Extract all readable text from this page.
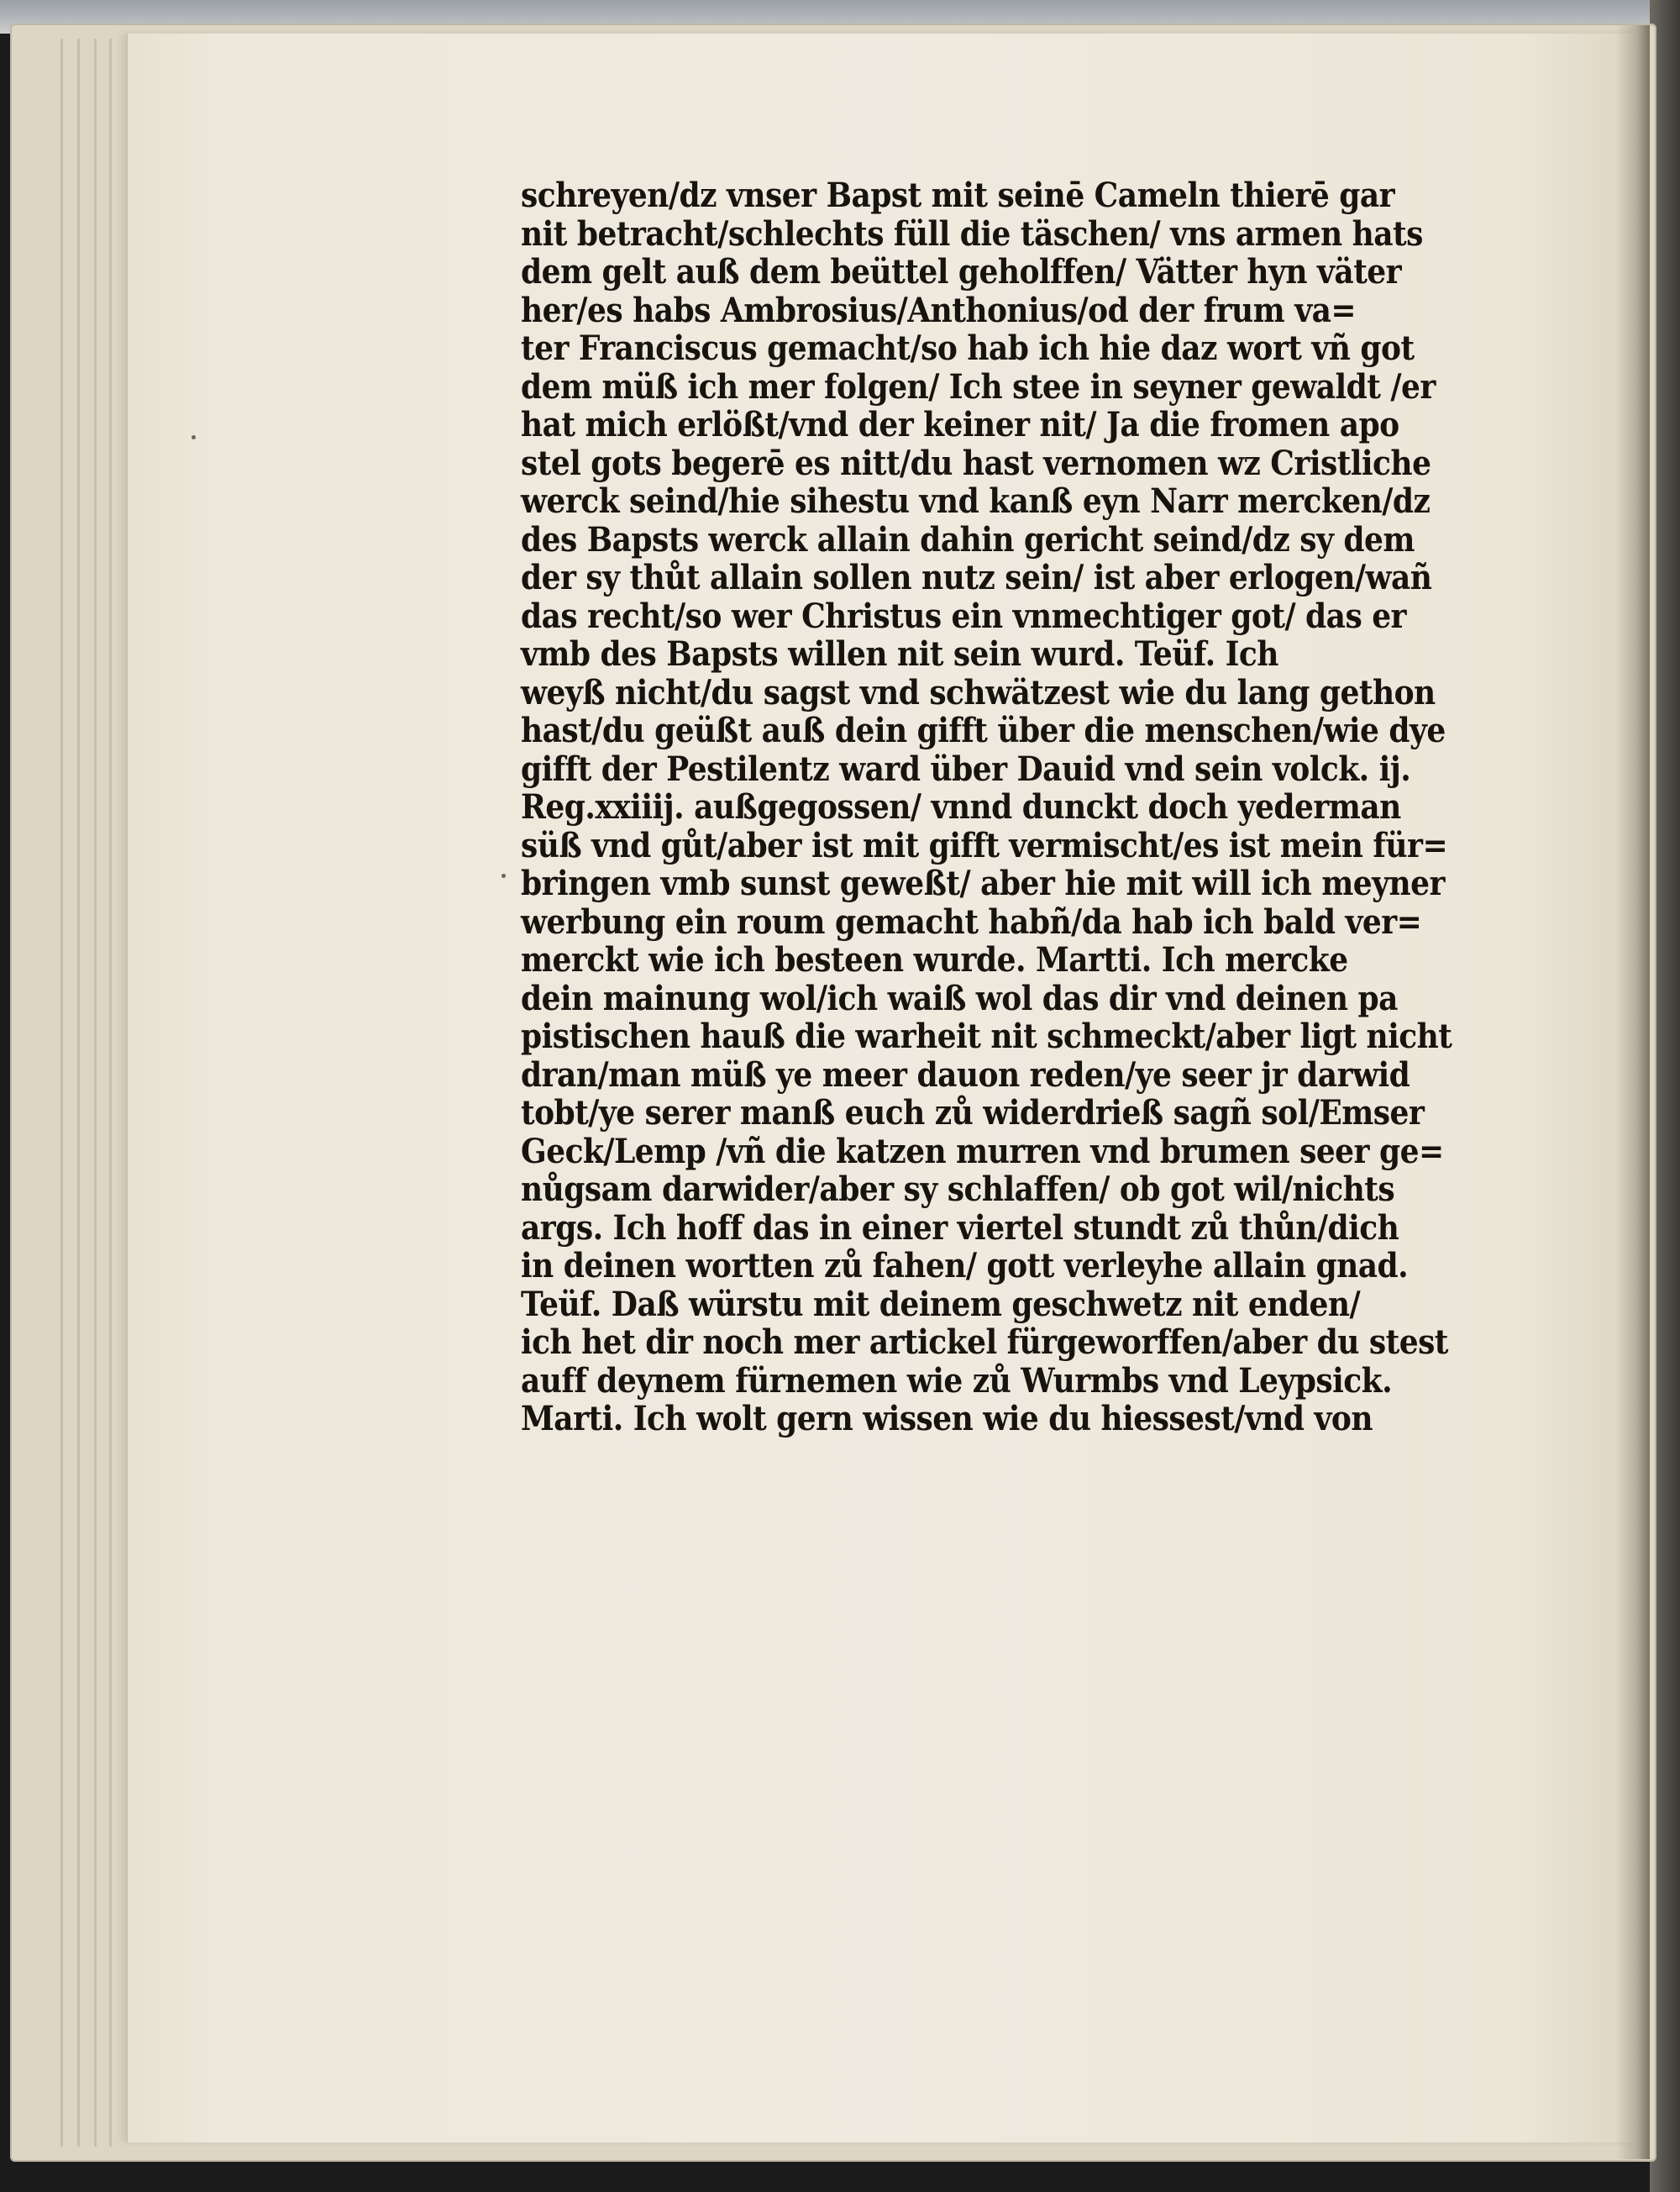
schreyen/dz vnser Bapst mit seinē Cameln thierē gar
nit betracht/schlechts füll die täschen/ vns armen hats
dem gelt auß dem beüttel geholffen/ Vätter hyn väter
her/es habs Ambrosius/Anthonius/od der frum va=
ter Franciscus gemacht/so hab ich hie daz wort vñ got
dem müß ich mer folgen/ Ich stee in seyner gewaldt /er
hat mich erlößt/vnd der keiner nit/ Ja die fromen apo
stel gots begerē es nitt/du hast vernomen wz Cristliche
werck seind/hie sihestu vnd kanß eyn Narr mercken/dz
des Bapsts werck allain dahin gericht seind/dz sy dem
der sy thůt allain sollen nutz sein/ ist aber erlogen/wañ
das recht/so wer Christus ein vnmechtiger got/ das er
vmb des Bapsts willen nit sein wurd. Teüf. Ich
weyß nicht/du sagst vnd schwätzest wie du lang gethon
hast/du geüßt auß dein gifft über die menschen/wie dye
gifft der Pestilentz ward über Dauid vnd sein volck. ij.
Reg.xxiiij. außgegossen/ vnnd dunckt doch yederman
süß vnd gůt/aber ist mit gifft vermischt/es ist mein für=
bringen vmb sunst geweßt/ aber hie mit will ich meyner
werbung ein roum gemacht habñ/da hab ich bald ver=
merckt wie ich besteen wurde. Martti. Ich mercke
dein mainung wol/ich waiß wol das dir vnd deinen pa
pistischen hauß die warheit nit schmeckt/aber ligt nicht
dran/man müß ye meer dauon reden/ye seer jr darwid
tobt/ye serer manß euch zů widerdrieß sagñ sol/Emser
Geck/Lemp /vñ die katzen murren vnd brumen seer ge=
nůgsam darwider/aber sy schlaffen/ ob got wil/nichts
args. Ich hoff das in einer viertel stundt zů thůn/dich
in deinen wortten zů fahen/ gott verleyhe allain gnad.
Teüf. Daß würstu mit deinem geschwetz nit enden/
ich het dir noch mer artickel fürgeworffen/aber du stest
auff deynem fürnemen wie zů Wurmbs vnd Leypsick.
Marti. Ich wolt gern wissen wie du hiessest/vnd von
